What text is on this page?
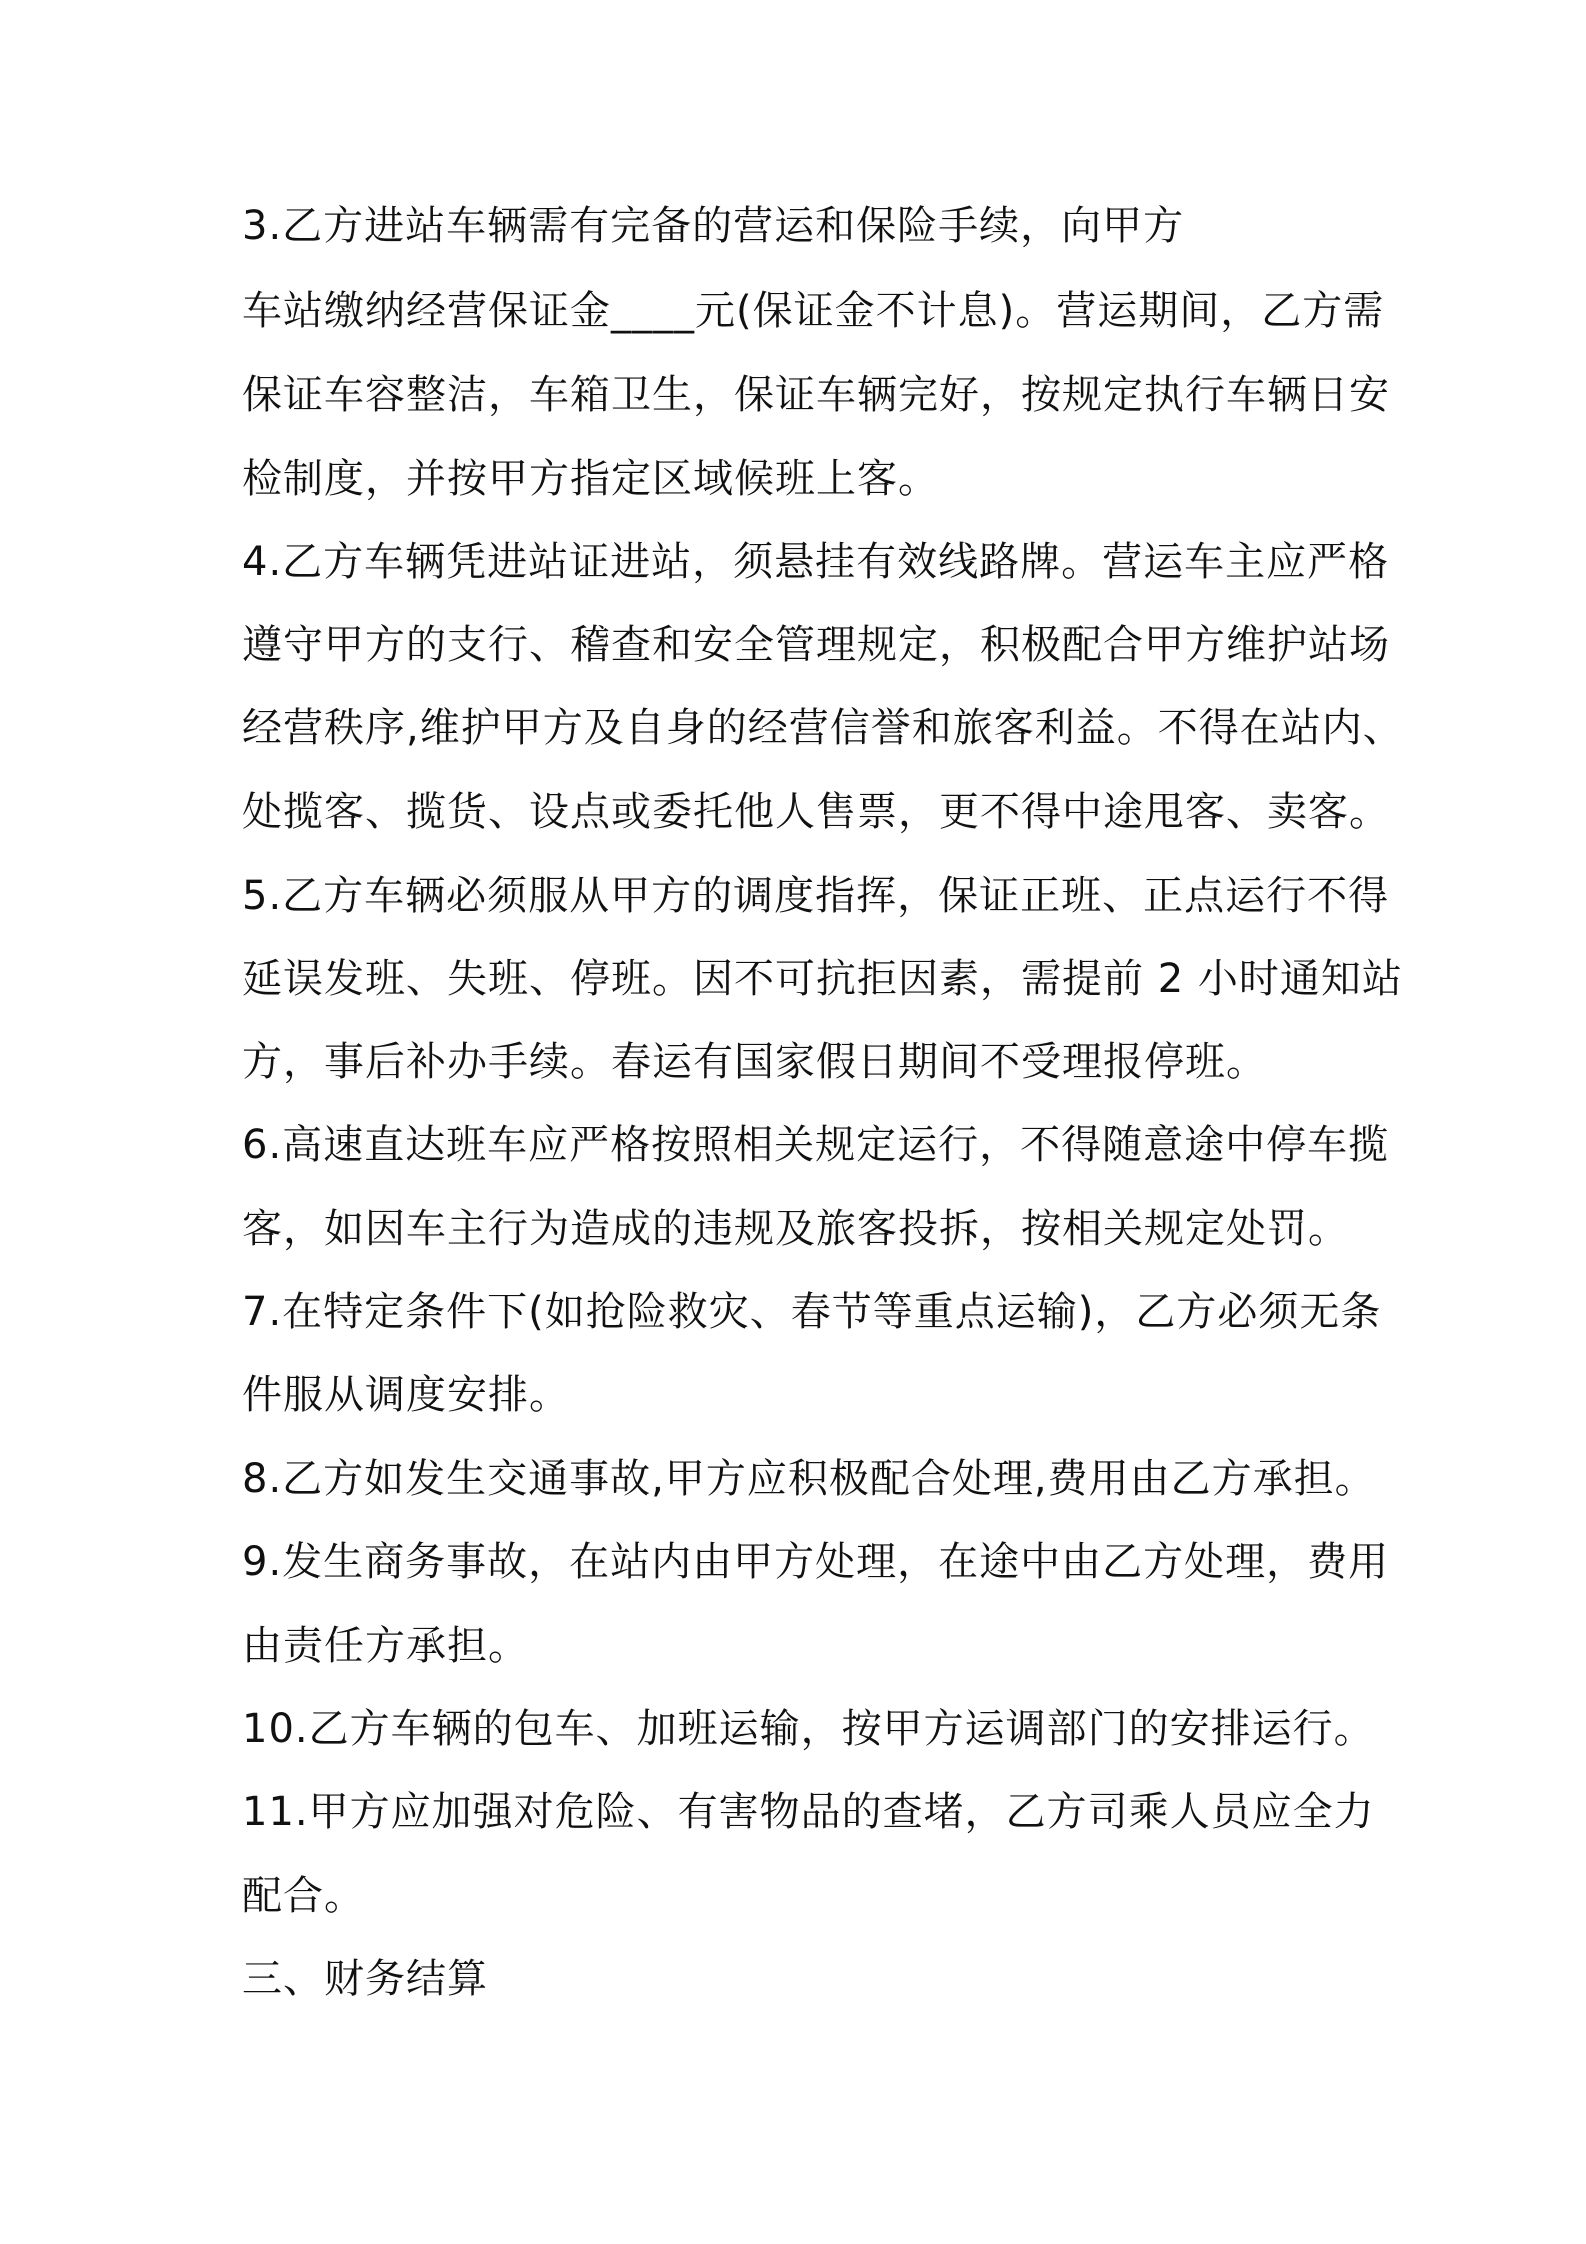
3.乙方进站车辆需有完备的营运和保险手续，向甲方
车站缴纳经营保证金____元(保证金不计息)。营运期间，乙方需
保证车容整洁，车箱卫生，保证车辆完好，按规定执行车辆日安
检制度，并按甲方指定区域候班上客。
4.乙方车辆凭进站证进站，须悬挂有效线路牌。营运车主应严格
遵守甲方的支行、稽查和安全管理规定，积极配合甲方维护站场
经营秩序,维护甲方及自身的经营信誉和旅客利益。不得在站内、
处揽客、揽货、设点或委托他人售票，更不得中途甩客、卖客。
5.乙方车辆必须服从甲方的调度指挥，保证正班、正点运行不得
延误发班、失班、停班。因不可抗拒因素，需提前 2 小时通知站
方，事后补办手续。春运有国家假日期间不受理报停班。
6.高速直达班车应严格按照相关规定运行，不得随意途中停车揽
客，如因车主行为造成的违规及旅客投拆，按相关规定处罚。
7.在特定条件下(如抢险救灾、春节等重点运输)，乙方必须无条
件服从调度安排。
8.乙方如发生交通事故,甲方应积极配合处理,费用由乙方承担。
9.发生商务事故，在站内由甲方处理，在途中由乙方处理，费用
由责任方承担。
10.乙方车辆的包车、加班运输，按甲方运调部门的安排运行。
11.甲方应加强对危险、有害物品的查堵，乙方司乘人员应全力
配合。
三、财务结算
